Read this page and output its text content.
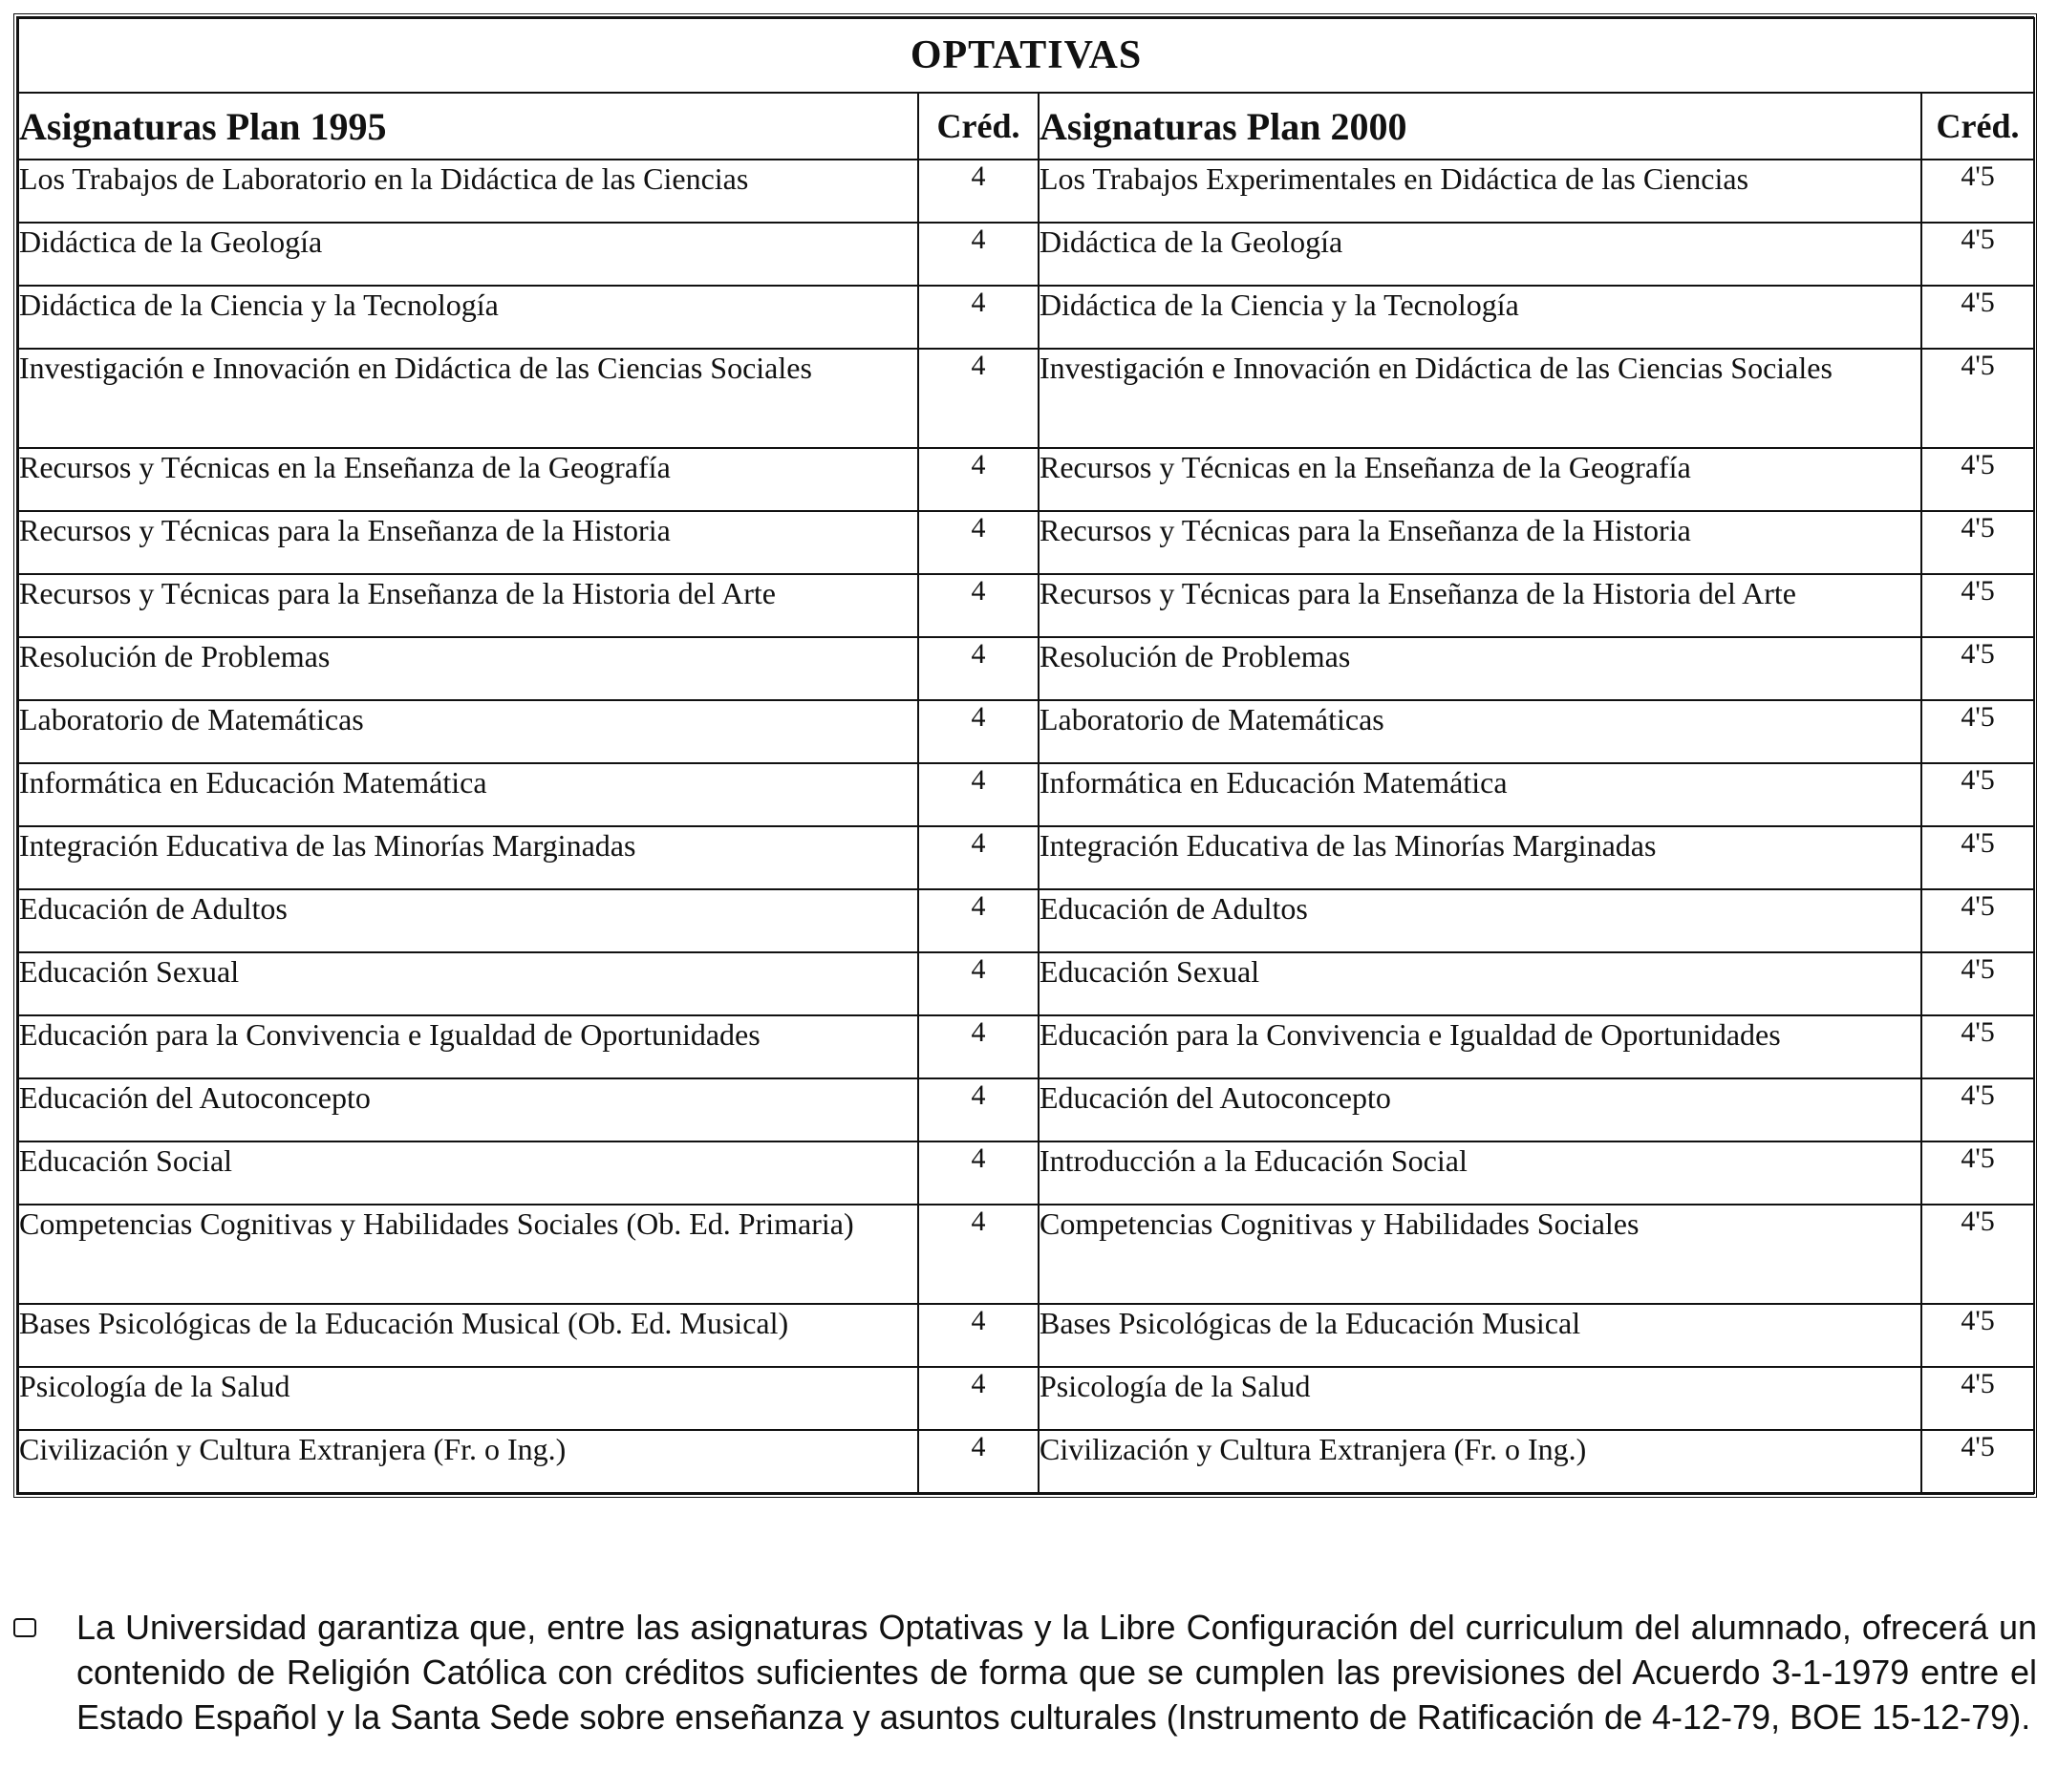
OPTATIVAS			
Asignaturas Plan 1995	Créd.	Asignaturas Plan 2000	Créd.
Los Trabajos de Laboratorio en la Didáctica de las Ciencias	4	Los Trabajos Experimentales en Didáctica de las Ciencias	4'5
Didáctica de la Geología	4	Didáctica de la Geología	4'5
Didáctica de la Ciencia y la Tecnología	4	Didáctica de la Ciencia y la Tecnología	4'5
Investigación e Innovación en Didáctica de las Ciencias Sociales	4	Investigación e Innovación en Didáctica de las Ciencias Sociales	4'5
Recursos y Técnicas en la Enseñanza de la Geografía	4	Recursos y Técnicas en la Enseñanza de la Geografía	4'5
Recursos y Técnicas para la Enseñanza de la Historia	4	Recursos y Técnicas para la Enseñanza de la Historia	4'5
Recursos y Técnicas para la Enseñanza de la Historia del Arte	4	Recursos y Técnicas para la Enseñanza de la Historia del Arte	4'5
Resolución de Problemas	4	Resolución de Problemas	4'5
Laboratorio de Matemáticas	4	Laboratorio de Matemáticas	4'5
Informática en Educación Matemática	4	Informática en Educación Matemática	4'5
Integración Educativa de las Minorías Marginadas	4	Integración Educativa de las Minorías Marginadas	4'5
Educación de Adultos	4	Educación de Adultos	4'5
Educación Sexual	4	Educación Sexual	4'5
Educación para la Convivencia e Igualdad de Oportunidades	4	Educación para la Convivencia e Igualdad de Oportunidades	4'5
Educación del Autoconcepto	4	Educación del Autoconcepto	4'5
Educación Social	4	Introducción a la Educación Social	4'5
Competencias Cognitivas y Habilidades Sociales (Ob. Ed. Primaria)	4	Competencias Cognitivas y Habilidades Sociales	4'5
Bases Psicológicas de la Educación Musical (Ob. Ed. Musical)	4	Bases Psicológicas de la Educación Musical	4'5
Psicología de la Salud	4	Psicología de la Salud	4'5
Civilización y Cultura Extranjera (Fr. o Ing.)	4	Civilización y Cultura Extranjera (Fr. o Ing.)	4'5
La Universidad garantiza que, entre las asignaturas Optativas y la Libre Configuración del curriculum del alumnado, ofrecerá un contenido de Religión Católica con créditos suficientes de forma que se cumplen las previsiones del Acuerdo 3-1-1979 entre el Estado Español y la Santa Sede sobre enseñanza y asuntos culturales (Instrumento de Ratificación de 4-12-79, BOE 15-12-79).
